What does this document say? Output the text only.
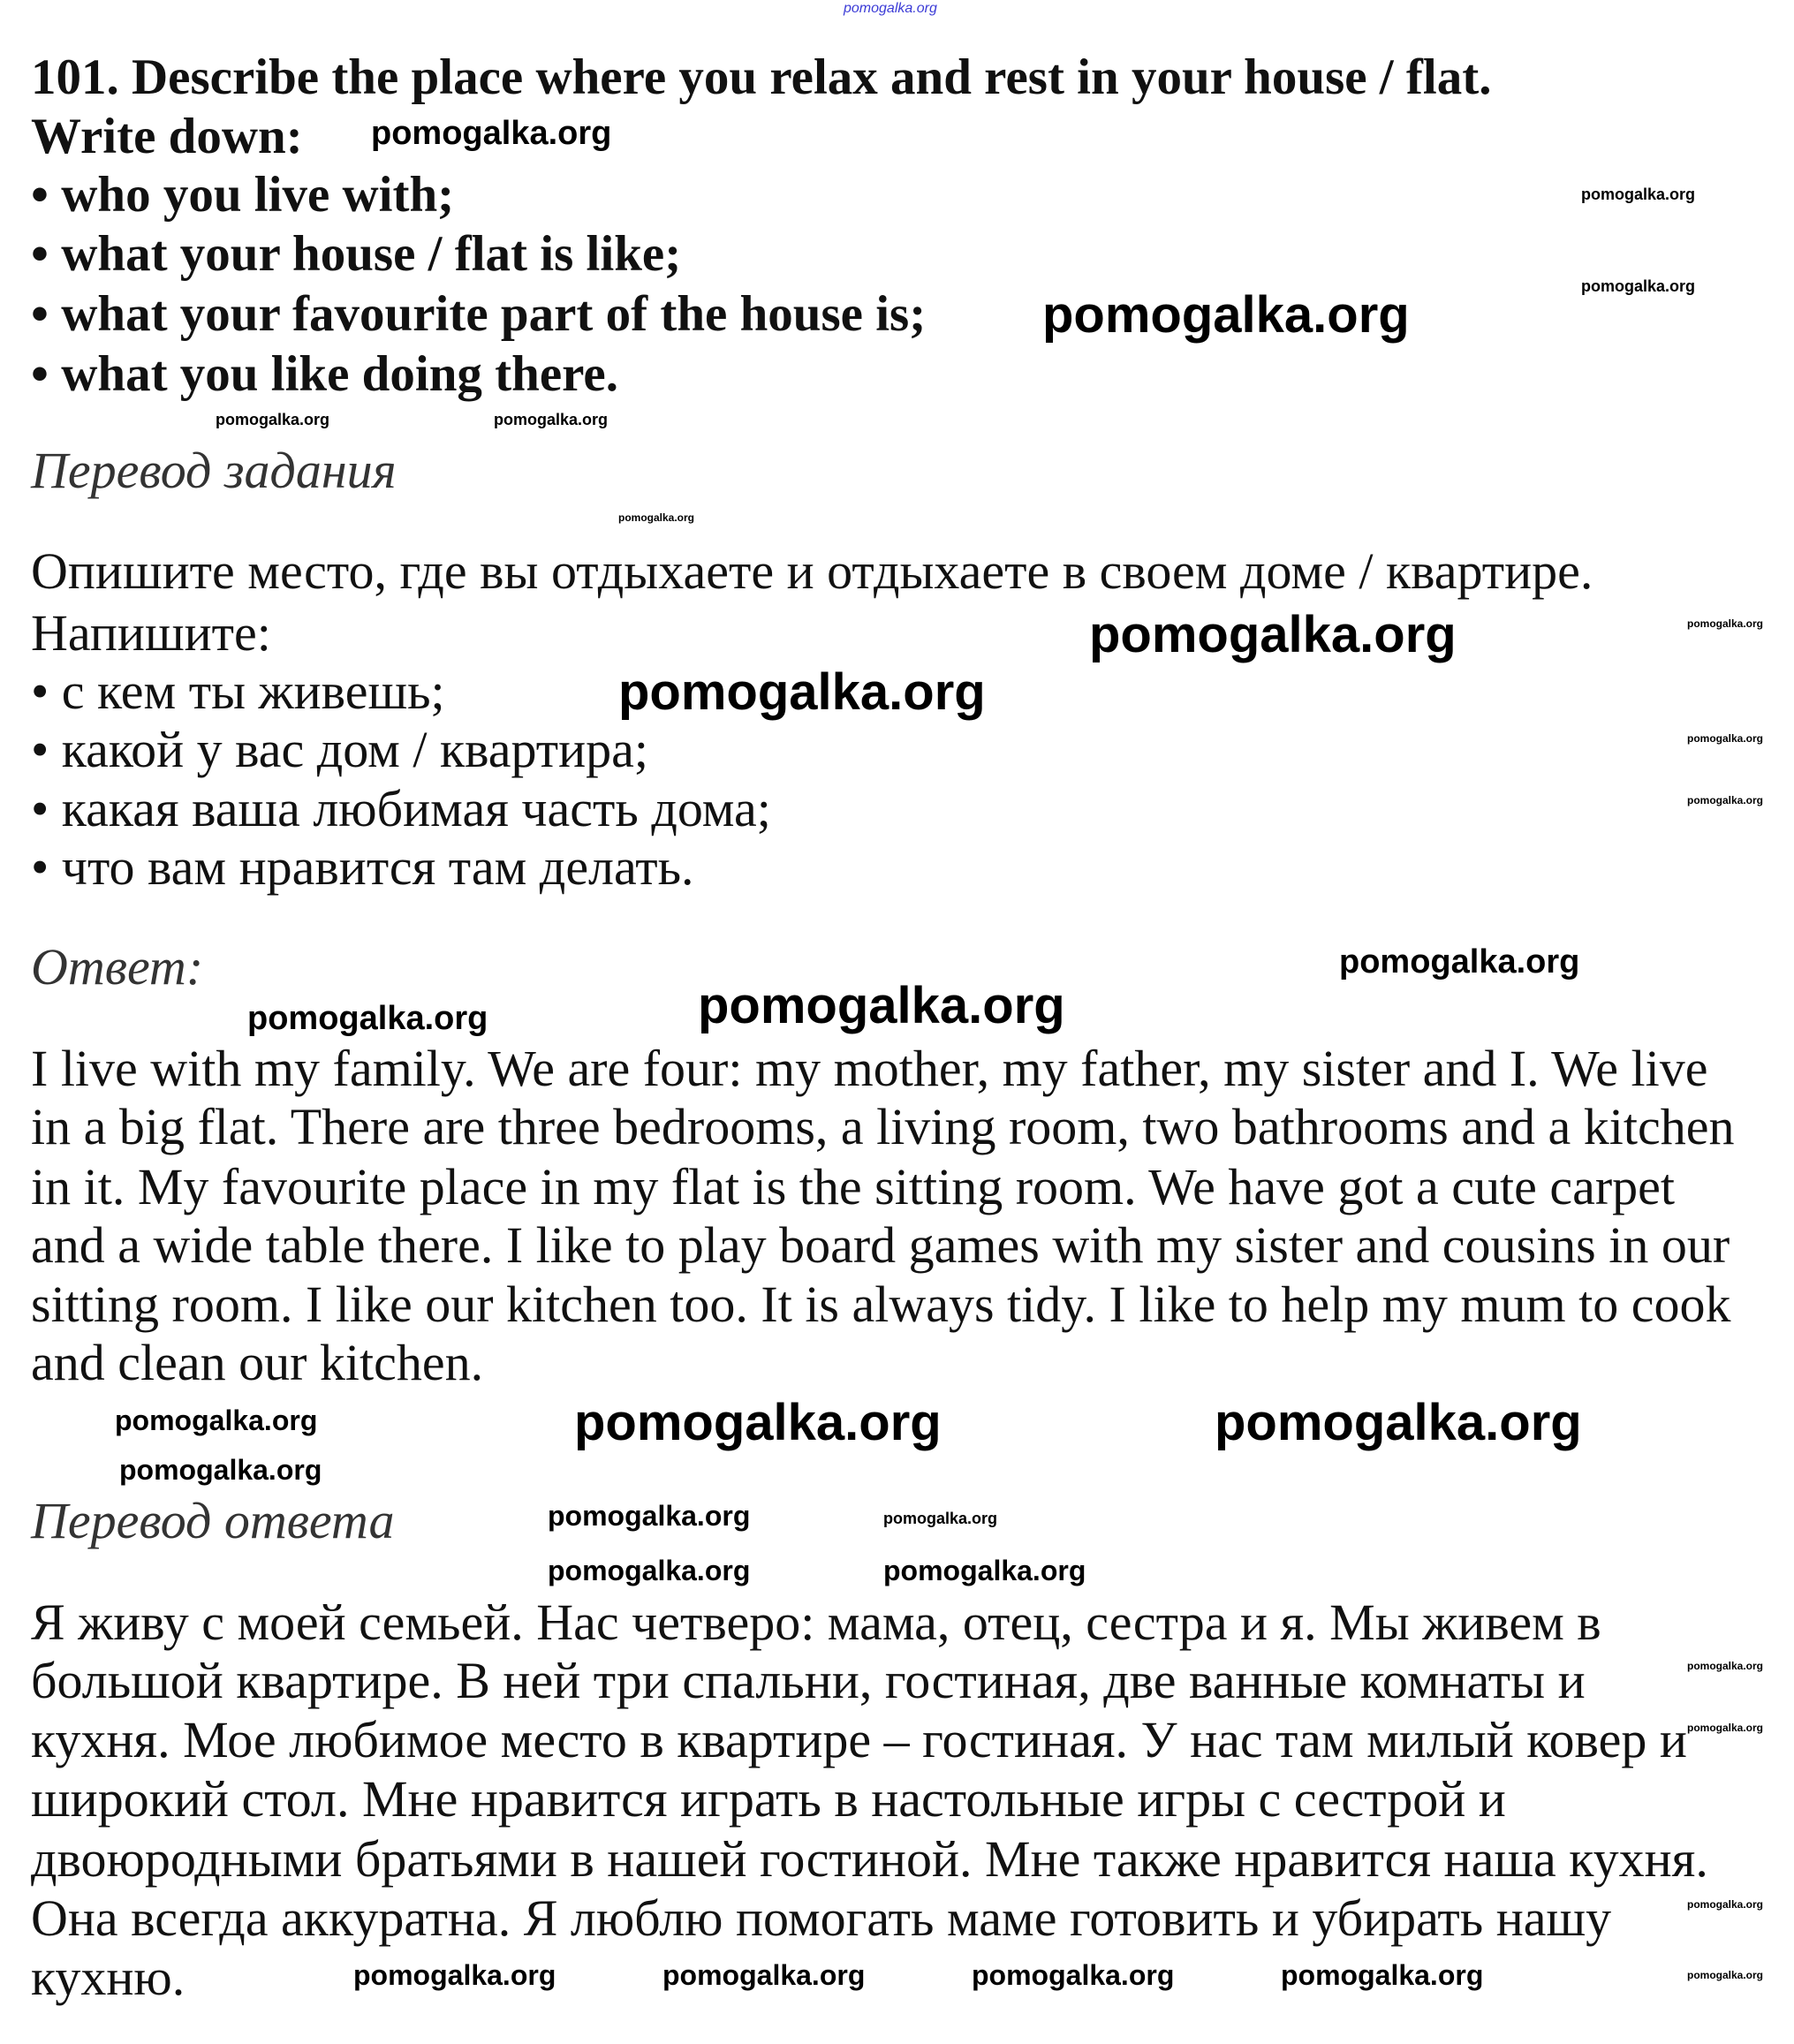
101. Describe the place where you relax and rest in your house / flat.
Write down:
• who you live with;
• what your house / flat is like;
• what your favourite part of the house is;
• what you like doing there.
Перевод задания
Опишите место, где вы отдыхаете и отдыхаете в своем доме / квартире.
Напишите:
• с кем ты живешь;
• какой у вас дом / квартира;
• какая ваша любимая часть дома;
• что вам нравится там делать.
Ответ:
I live with my family. We are four: my mother, my father, my sister and I. We live
in a big flat. There are three bedrooms, a living room, two bathrooms and a kitchen
in it. My favourite place in my flat is the sitting room. We have got a cute carpet
and a wide table there. I like to play board games with my sister and cousins in our
sitting room. I like our kitchen too. It is always tidy. I like to help my mum to cook
and clean our kitchen.
Перевод ответа
Я живу с моей семьей. Нас четверо: мама, отец, сестра и я. Мы живем в
большой квартире. В ней три спальни, гостиная, две ванные комнаты и
кухня. Мое любимое место в квартире – гостиная. У нас там милый ковер и
широкий стол. Мне нравится играть в настольные игры с сестрой и
двоюродными братьями в нашей гостиной. Мне также нравится наша кухня.
Она всегда аккуратна. Я люблю помогать маме готовить и убирать нашу
кухню.
pomogalka.org
pomogalka.org
pomogalka.org
pomogalka.org
pomogalka.org
pomogalka.org	pomogalka.org
pomogalka.org
pomogalka.org
pomogalka.org
pomogalka.org
pomogalka.org
pomogalka.org
pomogalka.org
pomogalka.org	pomogalka.org
pomogalka.org	pomogalka.org	pomogalka.org
pomogalka.org
pomogalka.org	pomogalka.org
pomogalka.org
pomogalka.org	pomogalka.org
pomogalka.org
pomogalka.org	pomogalka.org
pomogalka.org
pomogalka.org	pomogalka.org	pomogalka.org
